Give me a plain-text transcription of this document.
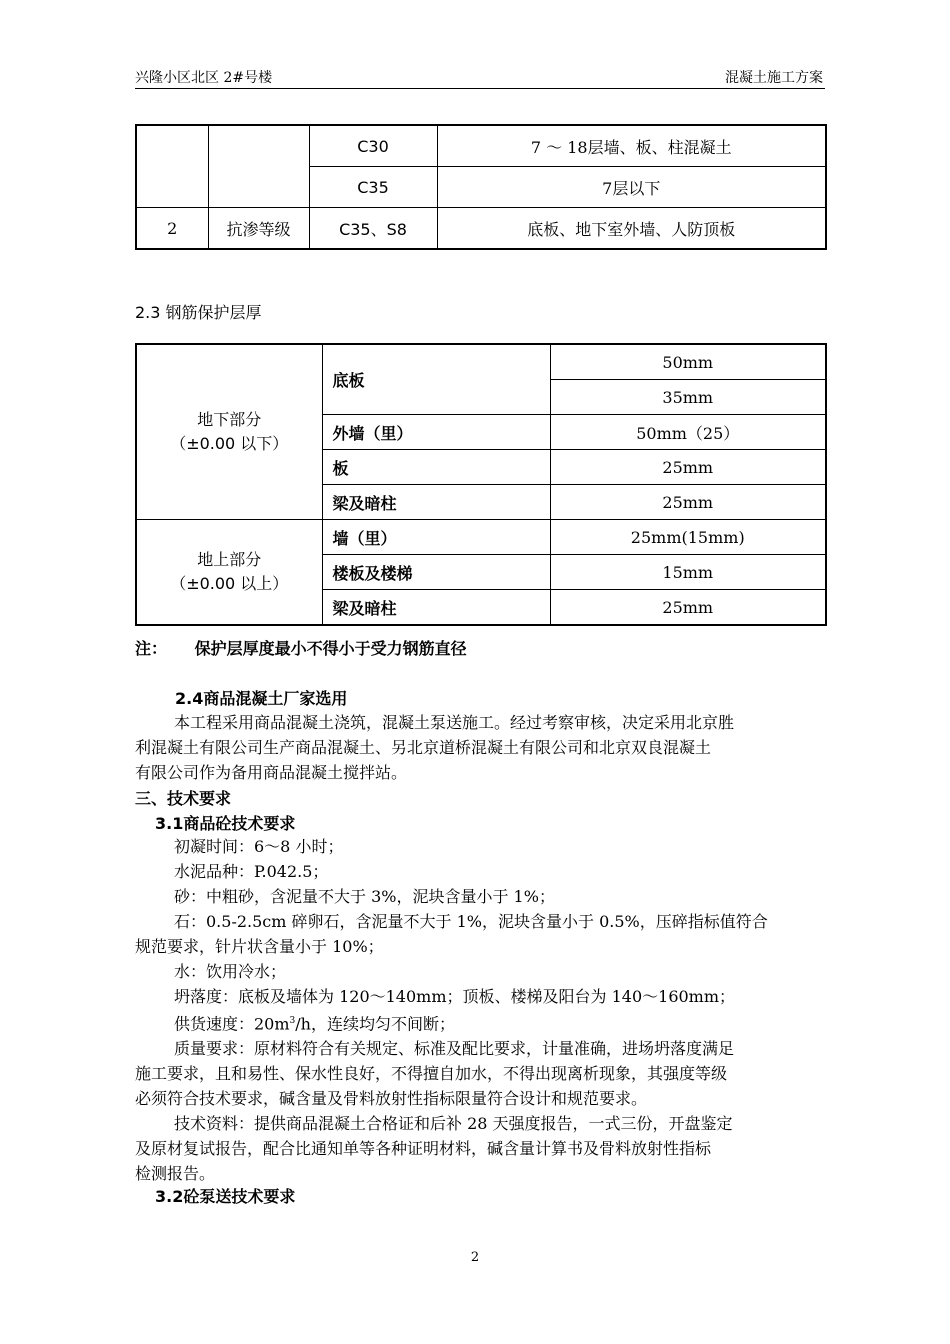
兴隆小区北区 2#号楼	混凝土施工方案
		C30	7 ～ 18层墙、板、柱混凝土
		C35	7层以下
2	抗渗等级	C35、S8	底板、地下室外墙、人防顶板
2.3 钢筋保护层厚
地下部分
（±0.00 以下）	底板	50mm
		35mm
	外墙（里）	50mm（25）
	板	25mm
	梁及暗柱	25mm

地上部分
（±0.00 以上）	墙（里）	25mm(15mm)
	楼板及楼梯	15mm
	梁及暗柱	25mm
注： 保护层厚度最小不得小于受力钢筋直径
2.4商品混凝土厂家选用

本工程采用商品混凝土浇筑，混凝土泵送施工。经过考察审核，决定采用北京胜

利混凝土有限公司生产商品混凝土、另北京道桥混凝土有限公司和北京双良混凝土

有限公司作为备用商品混凝土搅拌站。

三、技术要求
3.1商品砼技术要求

初凝时间：6～8 小时；

水泥品种：P.042.5；

砂：中粗砂，含泥量不大于 3%，泥块含量小于 1%；

石：0.5-2.5cm 碎卵石，含泥量不大于 1%，泥块含量小于 0.5%，压碎指标值符合

规范要求，针片状含量小于 10%；

水：饮用冷水；

坍落度：底板及墙体为 120～140mm；顶板、楼梯及阳台为 140～160mm；

供货速度：$20m^3/h$，连续均匀不间断；

质量要求：原材料符合有关规定、标准及配比要求，计量准确，进场坍落度满足

施工要求，且和易性、保水性良好，不得擅自加水，不得出现离析现象，其强度等级

必须符合技术要求，碱含量及骨料放射性指标限量符合设计和规范要求。

技术资料：提供商品混凝土合格证和后补 28 天强度报告，一式三份，开盘鉴定

及原材复试报告，配合比通知单等各种证明材料，碱含量计算书及骨料放射性指标

检测报告。

3.2砼泵送技术要求
2
